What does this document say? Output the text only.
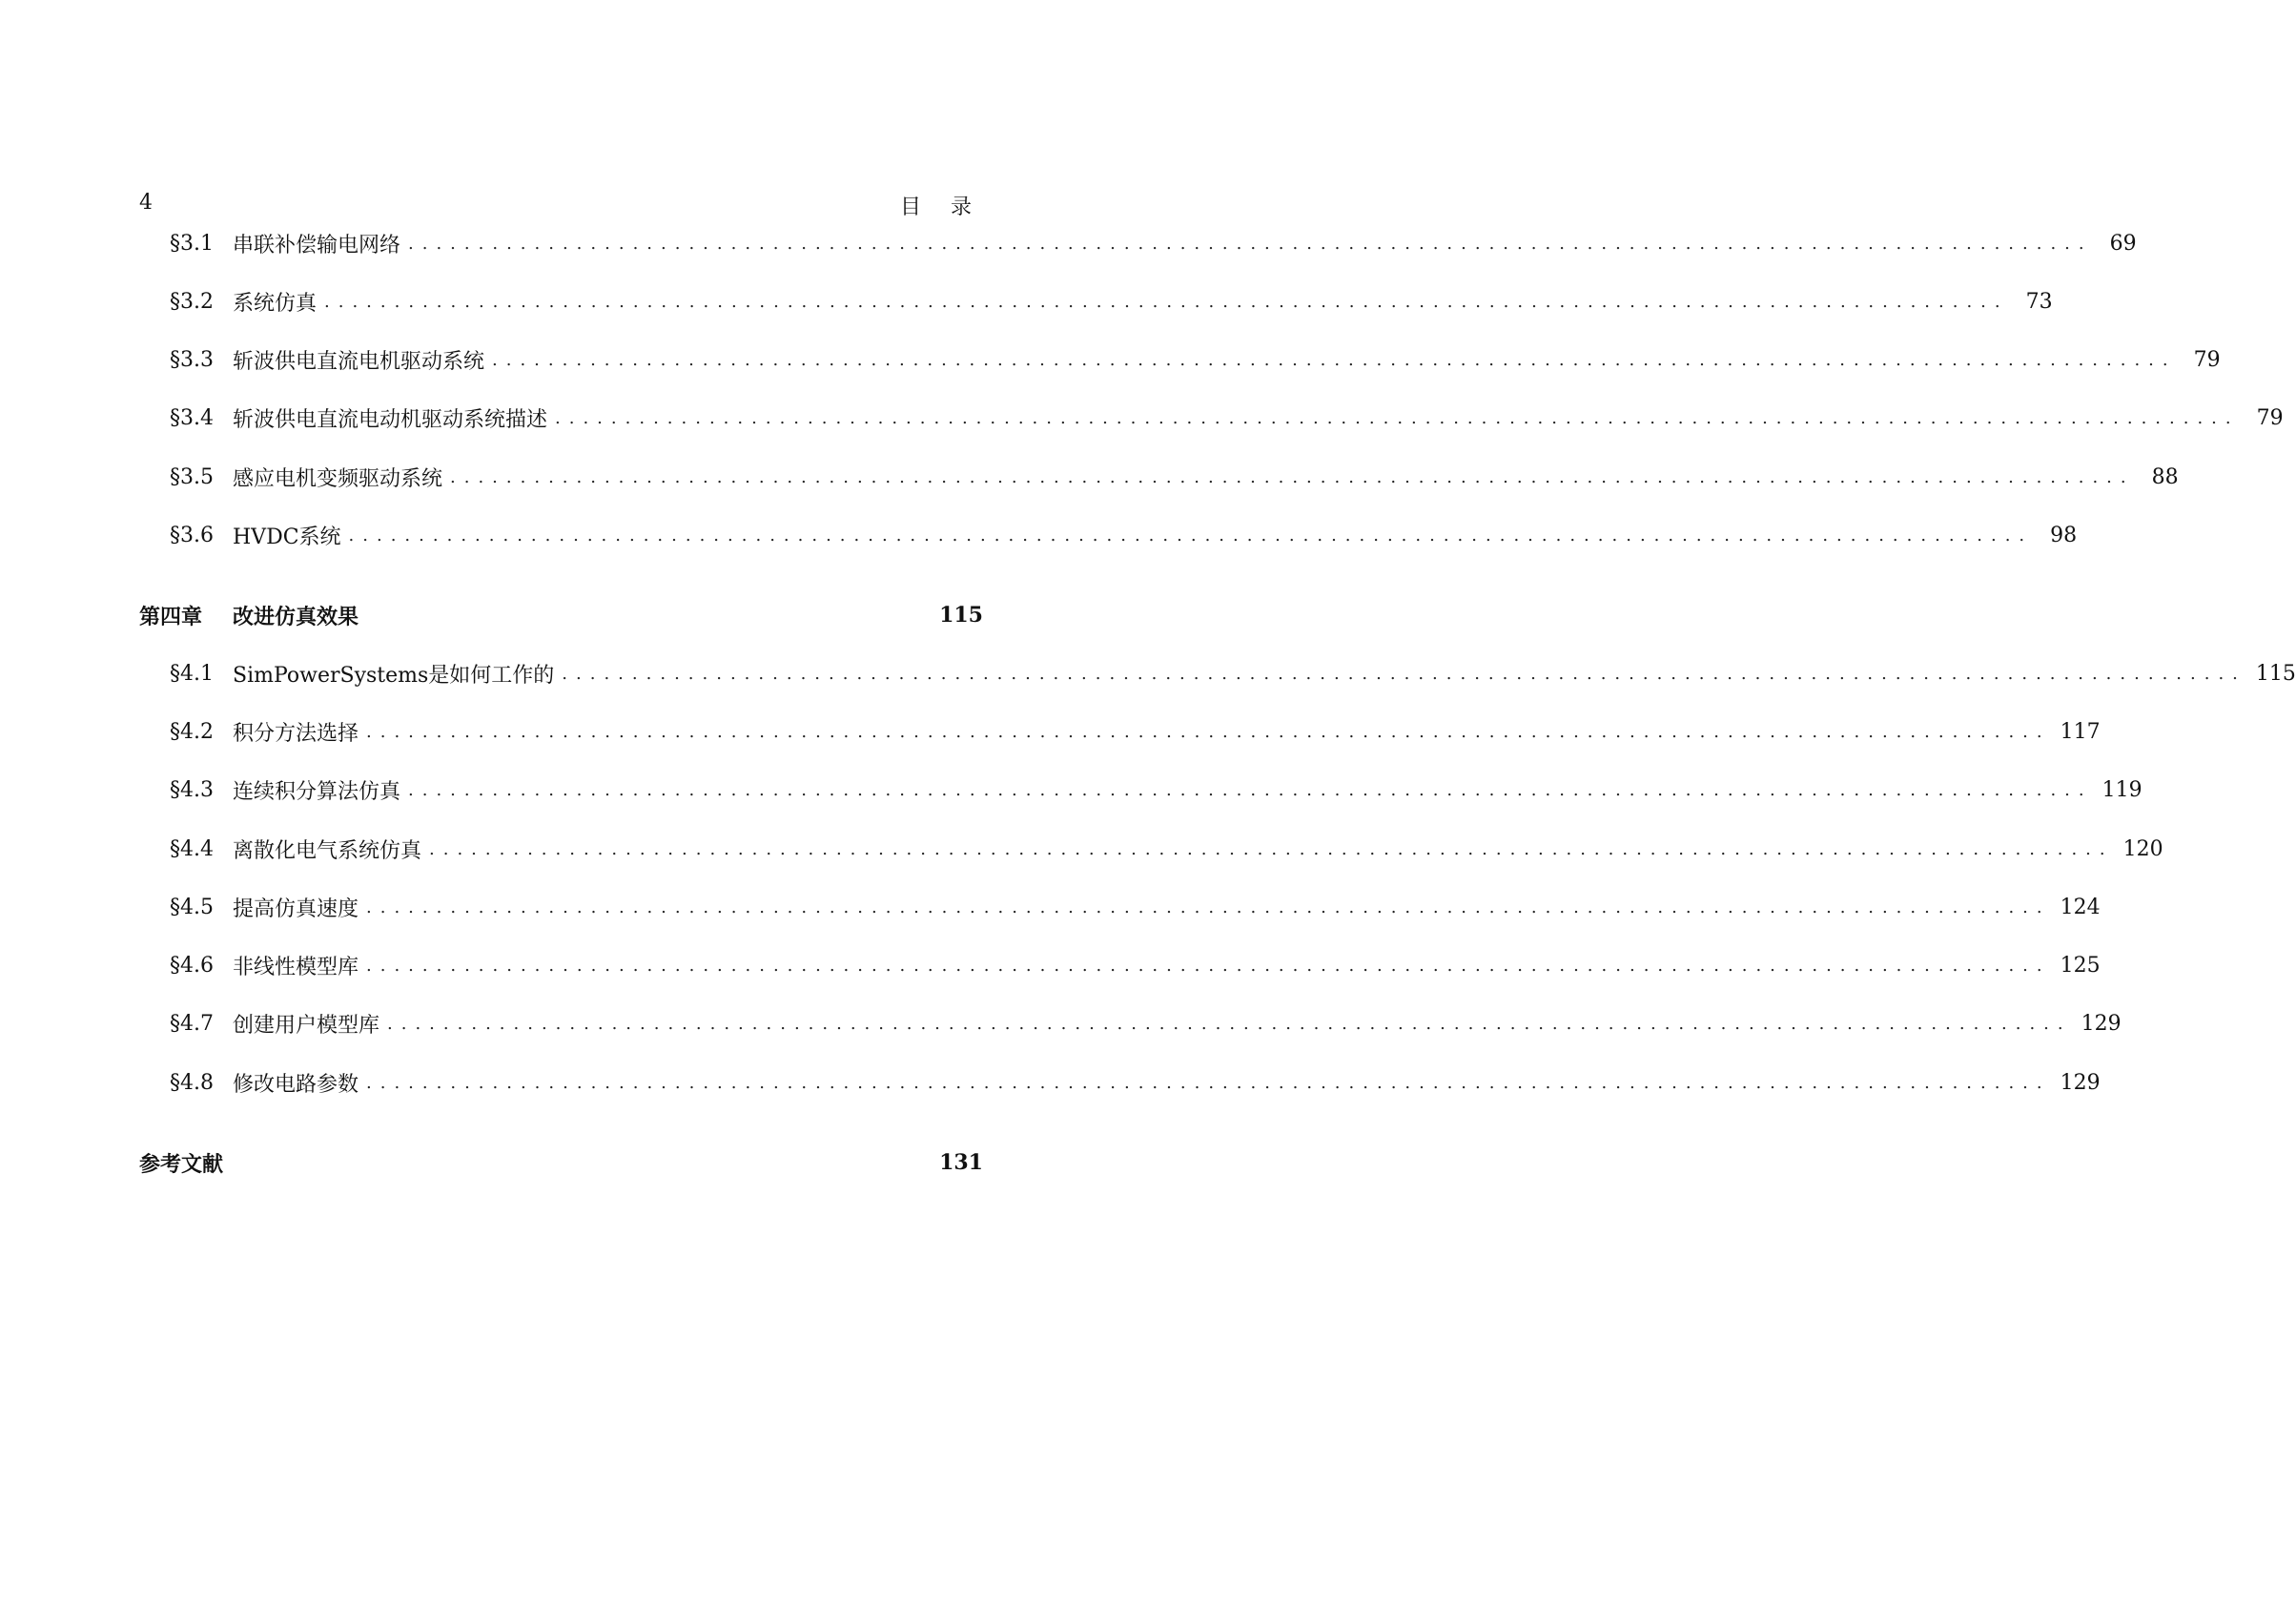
4	目 录
§3.1 串联补偿输电网络 ........................................................................................................................ 69
§3.2 系统仿真 ........................................................................................................................ 73
§3.3 斩波供电直流电机驱动系统 ........................................................................................................................ 79
§3.4 斩波供电直流电动机驱动系统描述 ........................................................................................................................ 79
§3.5 感应电机变频驱动系统 ........................................................................................................................ 88
§3.6 HVDC系统 ........................................................................................................................ 98
第四章	改进仿真效果	115
§4.1 SimPowerSystems是如何工作的 ........................................................................................................................ 115
§4.2 积分方法选择 ........................................................................................................................ 117
§4.3 连续积分算法仿真 ........................................................................................................................ 119
§4.4 离散化电气系统仿真 ........................................................................................................................ 120
§4.5 提高仿真速度 ........................................................................................................................ 124
§4.6 非线性模型库 ........................................................................................................................ 125
§4.7 创建用户模型库 ........................................................................................................................ 129
§4.8 修改电路参数 ........................................................................................................................ 129
参考文献	131
